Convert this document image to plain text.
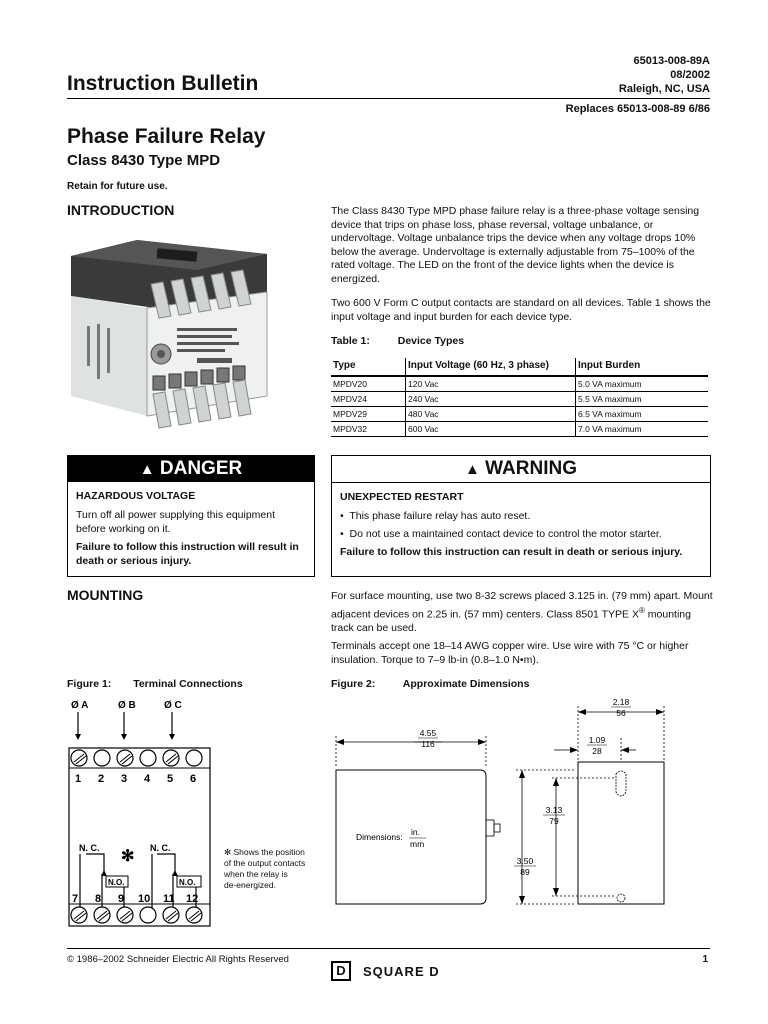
65013-008-89A
08/2002
Raleigh, NC, USA
Instruction Bulletin
Replaces 65013-008-89 6/86
Phase Failure Relay
Class 8430 Type MPD
Retain for future use.
INTRODUCTION	The Class 8430 Type MPD phase failure relay is a three-phase voltage sensing device that trips on phase loss, phase reversal, voltage unbalance, or undervoltage. Voltage unbalance trips the device when any voltage drops 10% below the average. Undervoltage is externally adjustable from 75–100% of the rated voltage. The LED on the front of the device lights when the device is energized.
Two 600 V Form C output contacts are standard on all devices. Table 1 shows the input voltage and input burden for each device type.
Table 1:	Device Types
Type	Input Voltage (60 Hz, 3 phase)	Input Burden
MPDV20	120 Vac	5.0 VA maximum
MPDV24	240 Vac	5.5 VA maximum
MPDV29	480 Vac	6.5 VA maximum
MPDV32	600 Vac	7.0 VA maximum
▲ DANGER
HAZARDOUS VOLTAGE
Turn off all power supplying this equipment before working on it.
Failure to follow this instruction will result in death or serious injury.
▲ WARNING
UNEXPECTED RESTART
•  This phase failure relay has auto reset.
•  Do not use a maintained contact device to control the motor starter.
Failure to follow this instruction can result in death or serious injury.
MOUNTING	For surface mounting, use two 8-32 screws placed 3.125 in. (79 mm) apart. Mount adjacent devices on 2.25 in. (57 mm) centers. Class 8501 TYPE X® mounting track can be used.
Terminals accept one 18–14 AWG copper wire. Use wire with 75 °C or higher insulation. Torque to 7–9 lb-in (0.8–1.0 N•m).
Figure 1: Terminal Connections
Ø A	Ø B	Ø C
1 2 3 4 5 6
N. C.	N. C.
✻
N.O.	N.O.
7 8 9 10 11 12
✻ Shows the position
of the output contacts
when the relay is
de-energized.
Figure 2:	Approximate Dimensions
4.55
116
2.18
56
1.09
28
3.13
79
3.50
89
Dimensions: in.
mm
© 1986–2002 Schneider Electric All Rights Reserved
D	SQUARE D
1
